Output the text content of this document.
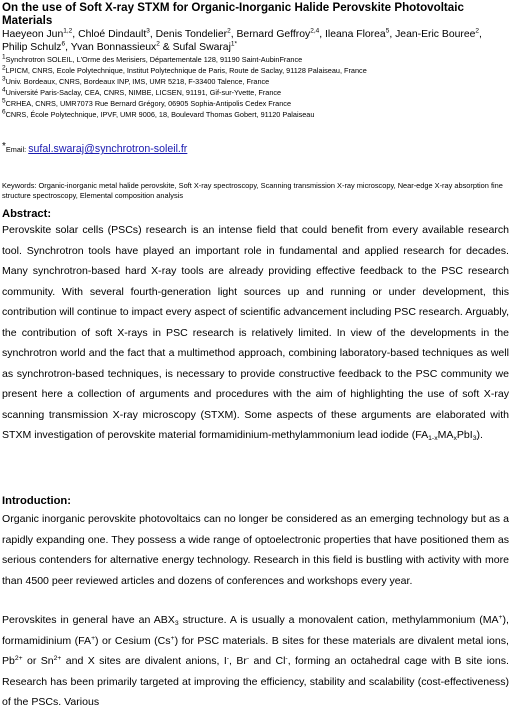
On the use of Soft X-ray STXM for Organic-Inorganic Halide Perovskite Photovoltaic Materials

Haeyeon Jun$^{1,2}$, Chloé Dindault$^3$, Denis Tondelier$^2$, Bernard Geffroy$^{2,4}$, Ileana Florea$^5$, Jean-Eric Bouree$^2$, Philip Schulz$^6$, Yvan Bonnassieux$^2$ & Sufal Swaraj$^{1*}$

$^1$Synchrotron SOLEIL, L'Orme des Merisiers, Départementale 128, 91190 Saint-AubinFrance
$^2$LPICM, CNRS, Ecole Polytechnique, Institut Polytechnique de Paris, Route de Saclay, 91128 Palaiseau, France
$^3$Univ. Bordeaux, CNRS, Bordeaux INP, IMS, UMR 5218, F-33400 Talence, France
$^4$Université Paris-Saclay, CEA, CNRS, NIMBE, LICSEN, 91191, Gif-sur-Yvette, France
$^5$CRHEA, CNRS, UMR7073 Rue Bernard Grégory, 06905 Sophia-Antipolis Cedex France
$^6$CNRS, École Polytechnique, IPVF, UMR 9006, 18, Boulevard Thomas Gobert, 91120 Palaiseau
*Email: sufal.swaraj@synchrotron-soleil.fr

Keywords: Organic-inorganic metal halide perovskite, Soft X-ray spectroscopy, Scanning transmission X-ray microscopy, Near-edge X-ray absorption fine structure spectroscopy, Elemental composition analysis

Abstract:

Perovskite solar cells (PSCs) research is an intense field that could benefit from every available research tool. Synchrotron tools have played an important role in fundamental and applied research for decades. Many synchrotron-based hard X-ray tools are already providing effective feedback to the PSC research community. With several fourth-generation light sources up and running or under development, this contribution will continue to impact every aspect of scientific advancement including PSC research. Arguably, the contribution of soft X-rays in PSC research is relatively limited. In view of the developments in the synchrotron world and the fact that a multimethod approach, combining laboratory-based techniques as well as synchrotron-based techniques, is necessary to provide constructive feedback to the PSC community we present here a collection of arguments and procedures with the aim of highlighting the use of soft X-ray scanning transmission X-ray microscopy (STXM). Some aspects of these arguments are elaborated with STXM investigation of perovskite material formamidinium-methylammonium lead iodide $(FA_{1-x}MA_xPbI_3)$.

Introduction:

Organic inorganic perovskite photovoltaics can no longer be considered as an emerging technology but as a rapidly expanding one. They possess a wide range of optoelectronic properties that have positioned them as serious contenders for alternative energy technology. Research in this field is bustling with activity with more than 4500 peer reviewed articles and dozens of conferences and workshops every year.

Perovskites in general have an $ABX_3$ structure. A is usually a monovalent cation, methylammonium (MA+), formamidinium (FA+) or Cesium (Cs+) for PSC materials. B sites for these materials are divalent metal ions, $Pb^{2+}$ or $Sn^{2+}$ and X sites are divalent anions, I-, Br- and Cl-, forming an octahedral cage with B site ions. Research has been primarily targeted at improving the efficiency, stability and scalability (cost-effectiveness) of the PSCs. Various
